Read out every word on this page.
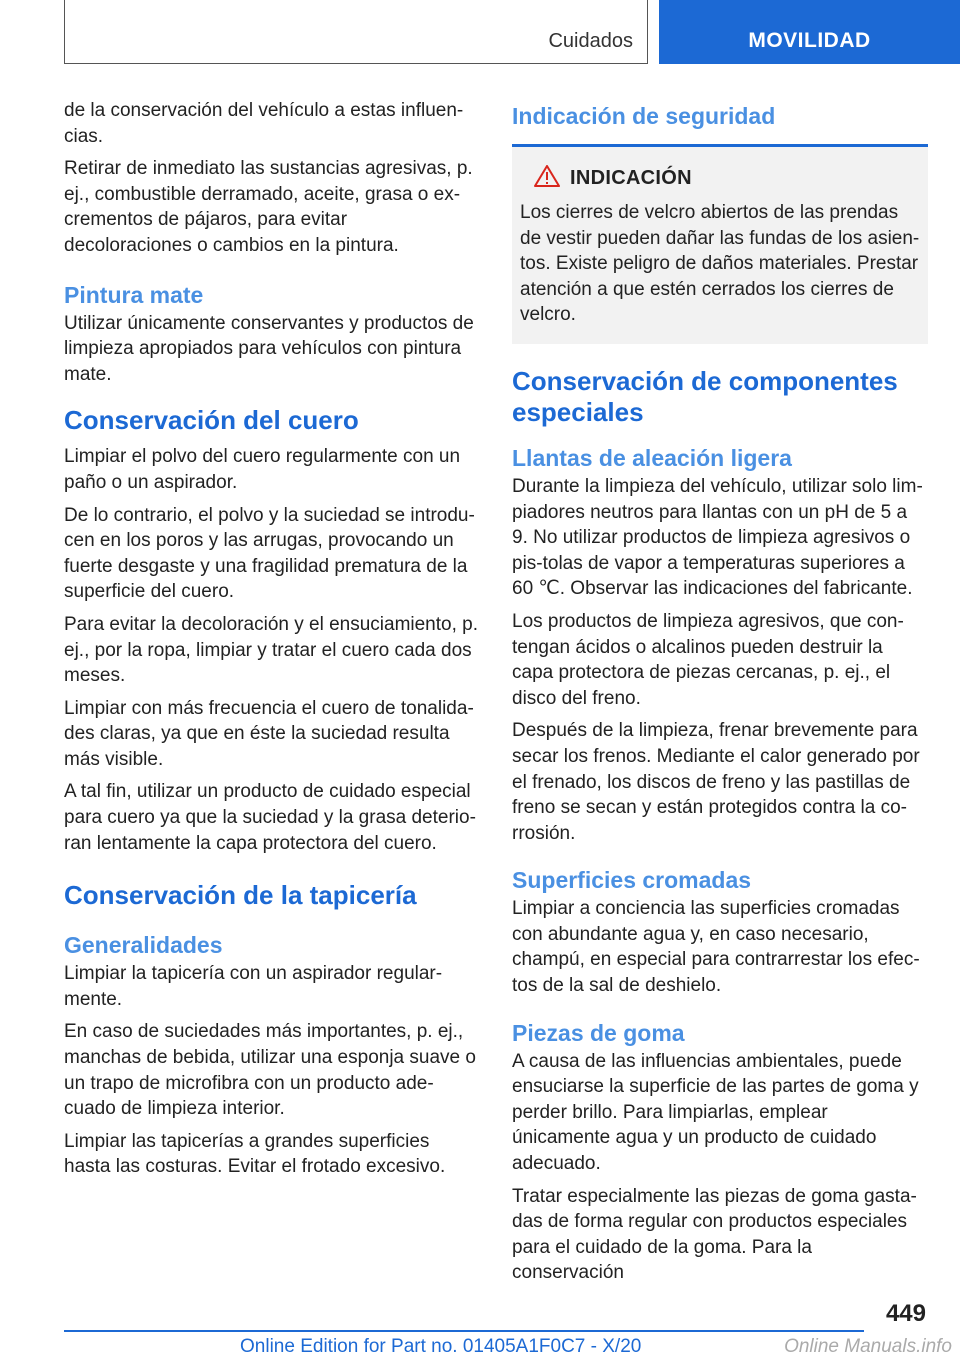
Cuidados	MOVILIDAD

de la conservación del vehículo a estas influen-cias.

Retirar de inmediato las sustancias agresivas, p. ej., combustible derramado, aceite, grasa o ex-crementos de pájaros, para evitar decoloraciones o cambios en la pintura.

Pintura mate

Utilizar únicamente conservantes y productos de limpieza apropiados para vehículos con pintura mate.

Conservación del cuero

Limpiar el polvo del cuero regularmente con un paño o un aspirador.

De lo contrario, el polvo y la suciedad se introdu-cen en los poros y las arrugas, provocando un fuerte desgaste y una fragilidad prematura de la superficie del cuero.

Para evitar la decoloración y el ensuciamiento, p. ej., por la ropa, limpiar y tratar el cuero cada dos meses.

Limpiar con más frecuencia el cuero de tonalida-des claras, ya que en éste la suciedad resulta más visible.

A tal fin, utilizar un producto de cuidado especial para cuero ya que la suciedad y la grasa deterio-ran lentamente la capa protectora del cuero.

Conservación de la tapicería
Generalidades

Limpiar la tapicería con un aspirador regular-mente.

En caso de suciedades más importantes, p. ej., manchas de bebida, utilizar una esponja suave o un trapo de microfibra con un producto ade-cuado de limpieza interior.

Limpiar las tapicerías a grandes superficies hasta las costuras. Evitar el frotado excesivo.

Indicación de seguridad
INDICACIÓN

Los cierres de velcro abiertos de las prendas de vestir pueden dañar las fundas de los asien-tos. Existe peligro de daños materiales. Prestar atención a que estén cerrados los cierres de velcro.

Conservación de componentes especiales
Llantas de aleación ligera

Durante la limpieza del vehículo, utilizar solo lim-piadores neutros para llantas con un pH de 5 a 9. No utilizar productos de limpieza agresivos o pis-tolas de vapor a temperaturas superiores a 60 ℃. Observar las indicaciones del fabricante.

Los productos de limpieza agresivos, que con-tengan ácidos o alcalinos pueden destruir la capa protectora de piezas cercanas, p. ej., el disco del freno.

Después de la limpieza, frenar brevemente para secar los frenos. Mediante el calor generado por el frenado, los discos de freno y las pastillas de freno se secan y están protegidos contra la co-rrosión.

Superficies cromadas

Limpiar a conciencia las superficies cromadas con abundante agua y, en caso necesario, champú, en especial para contrarrestar los efec-tos de la sal de deshielo.

Piezas de goma

A causa de las influencias ambientales, puede ensuciarse la superficie de las partes de goma y perder brillo. Para limpiarlas, emplear únicamente agua y un producto de cuidado adecuado.

Tratar especialmente las piezas de goma gasta-das de forma regular con productos especiales para el cuidado de la goma. Para la conservación

449
Online Edition for Part no. 01405A1F0C7 - X/20	Online Manuals.info
